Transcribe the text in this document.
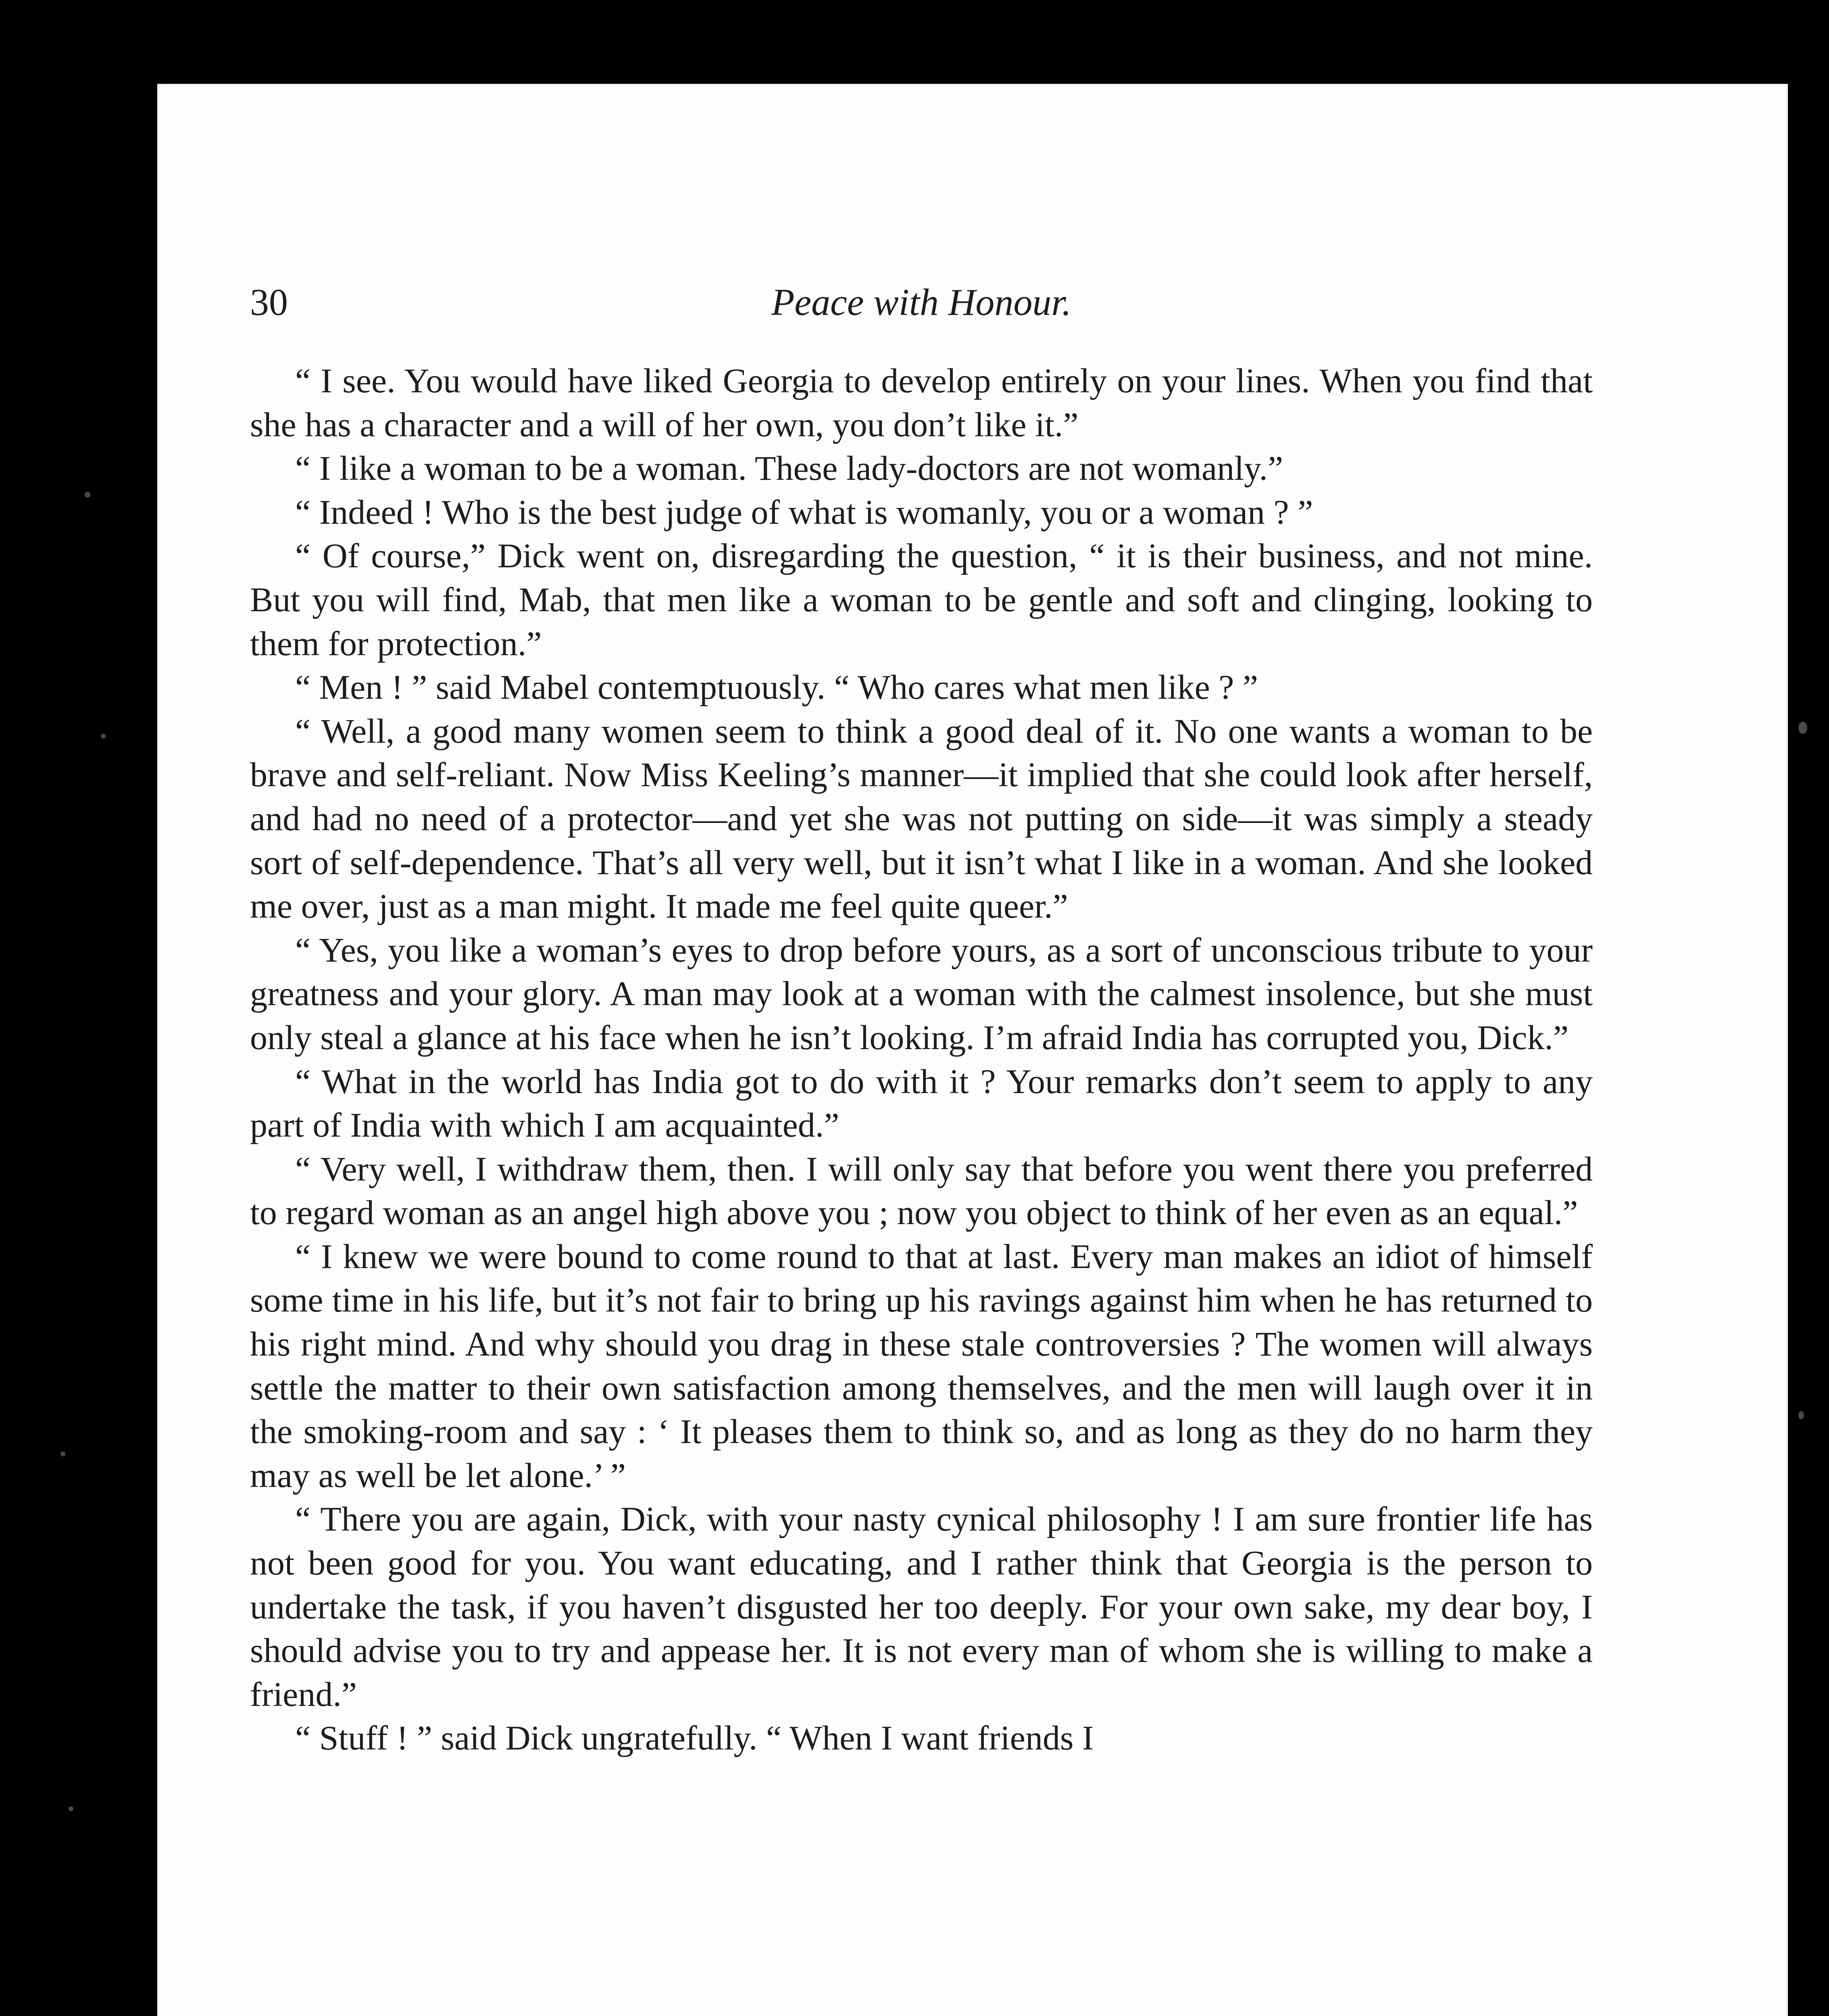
30	Peace with Honour.

“ I see. You would have liked Georgia to develop entirely on your lines. When you find that she has a character and a will of her own, you don’t like it.”

“ I like a woman to be a woman. These lady-doctors are not womanly.”

“ Indeed ! Who is the best judge of what is womanly, you or a woman ? ”

“ Of course,” Dick went on, disregarding the question, “ it is their business, and not mine. But you will find, Mab, that men like a woman to be gentle and soft and clinging, looking to them for protection.”

“ Men ! ” said Mabel contemptuously. “ Who cares what men like ? ”

“ Well, a good many women seem to think a good deal of it. No one wants a woman to be brave and self-reliant. Now Miss Keeling’s manner—it implied that she could look after herself, and had no need of a protector—and yet she was not putting on side—it was simply a steady sort of self-dependence. That’s all very well, but it isn’t what I like in a woman. And she looked me over, just as a man might. It made me feel quite queer.”

“ Yes, you like a woman’s eyes to drop before yours, as a sort of unconscious tribute to your greatness and your glory. A man may look at a woman with the calmest insolence, but she must only steal a glance at his face when he isn’t looking. I’m afraid India has corrupted you, Dick.”

“ What in the world has India got to do with it ? Your remarks don’t seem to apply to any part of India with which I am acquainted.”

“ Very well, I withdraw them, then. I will only say that before you went there you preferred to regard woman as an angel high above you ; now you object to think of her even as an equal.”

“ I knew we were bound to come round to that at last. Every man makes an idiot of himself some time in his life, but it’s not fair to bring up his ravings against him when he has returned to his right mind. And why should you drag in these stale controversies ? The women will always settle the matter to their own satisfaction among themselves, and the men will laugh over it in the smoking-room and say : ‘ It pleases them to think so, and as long as they do no harm they may as well be let alone.’ ”

“ There you are again, Dick, with your nasty cynical philosophy ! I am sure frontier life has not been good for you. You want educating, and I rather think that Georgia is the person to undertake the task, if you haven’t disgusted her too deeply. For your own sake, my dear boy, I should advise you to try and appease her. It is not every man of whom she is willing to make a friend.”

“ Stuff ! ” said Dick ungratefully. “ When I want friends I
